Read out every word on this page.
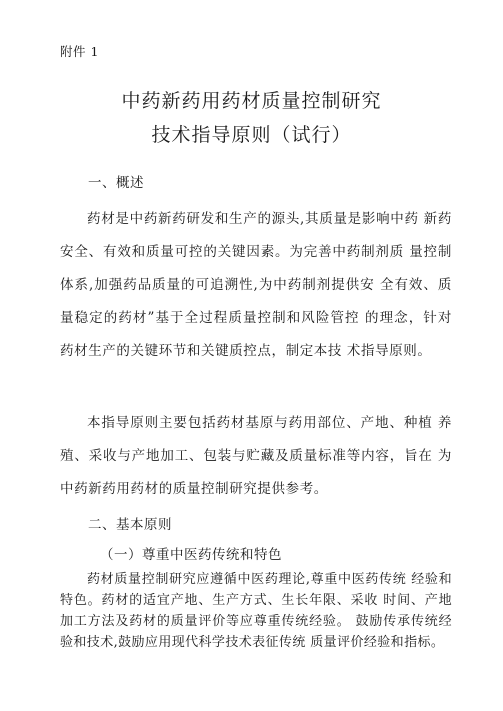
附件 1
中药新药用药材质量控制研究
技术指导原则（试行）
一、概述

药材是中药新药研发和生产的源头,其质量是影响中药 新药安全、有效和质量可控的关键因素。为完善中药制剂质 量控制体系,加强药品质量的可追溯性,为中药制剂提供安 全有效、质量稳定的药材”基于全过程质量控制和风险管控 的理念，针对药材生产的关键环节和关键质控点，制定本技 术指导原则。

本指导原则主要包括药材基原与药用部位、产地、种植 养殖、采收与产地加工、包装与贮藏及质量标准等内容，旨在 为中药新药用药材的质量控制研究提供参考。

二、基本原则
（一）尊重中医药传统和特色

药材质量控制研究应遵循中医药理论,尊重中医药传统 经验和特色。药材的适宜产地、生产方式、生长年限、采收 时间、产地加工方法及药材的质量评价等应尊重传统经验。 鼓励传承传统经验和技术,鼓励应用现代科学技术表征传统 质量评价经验和指标。
